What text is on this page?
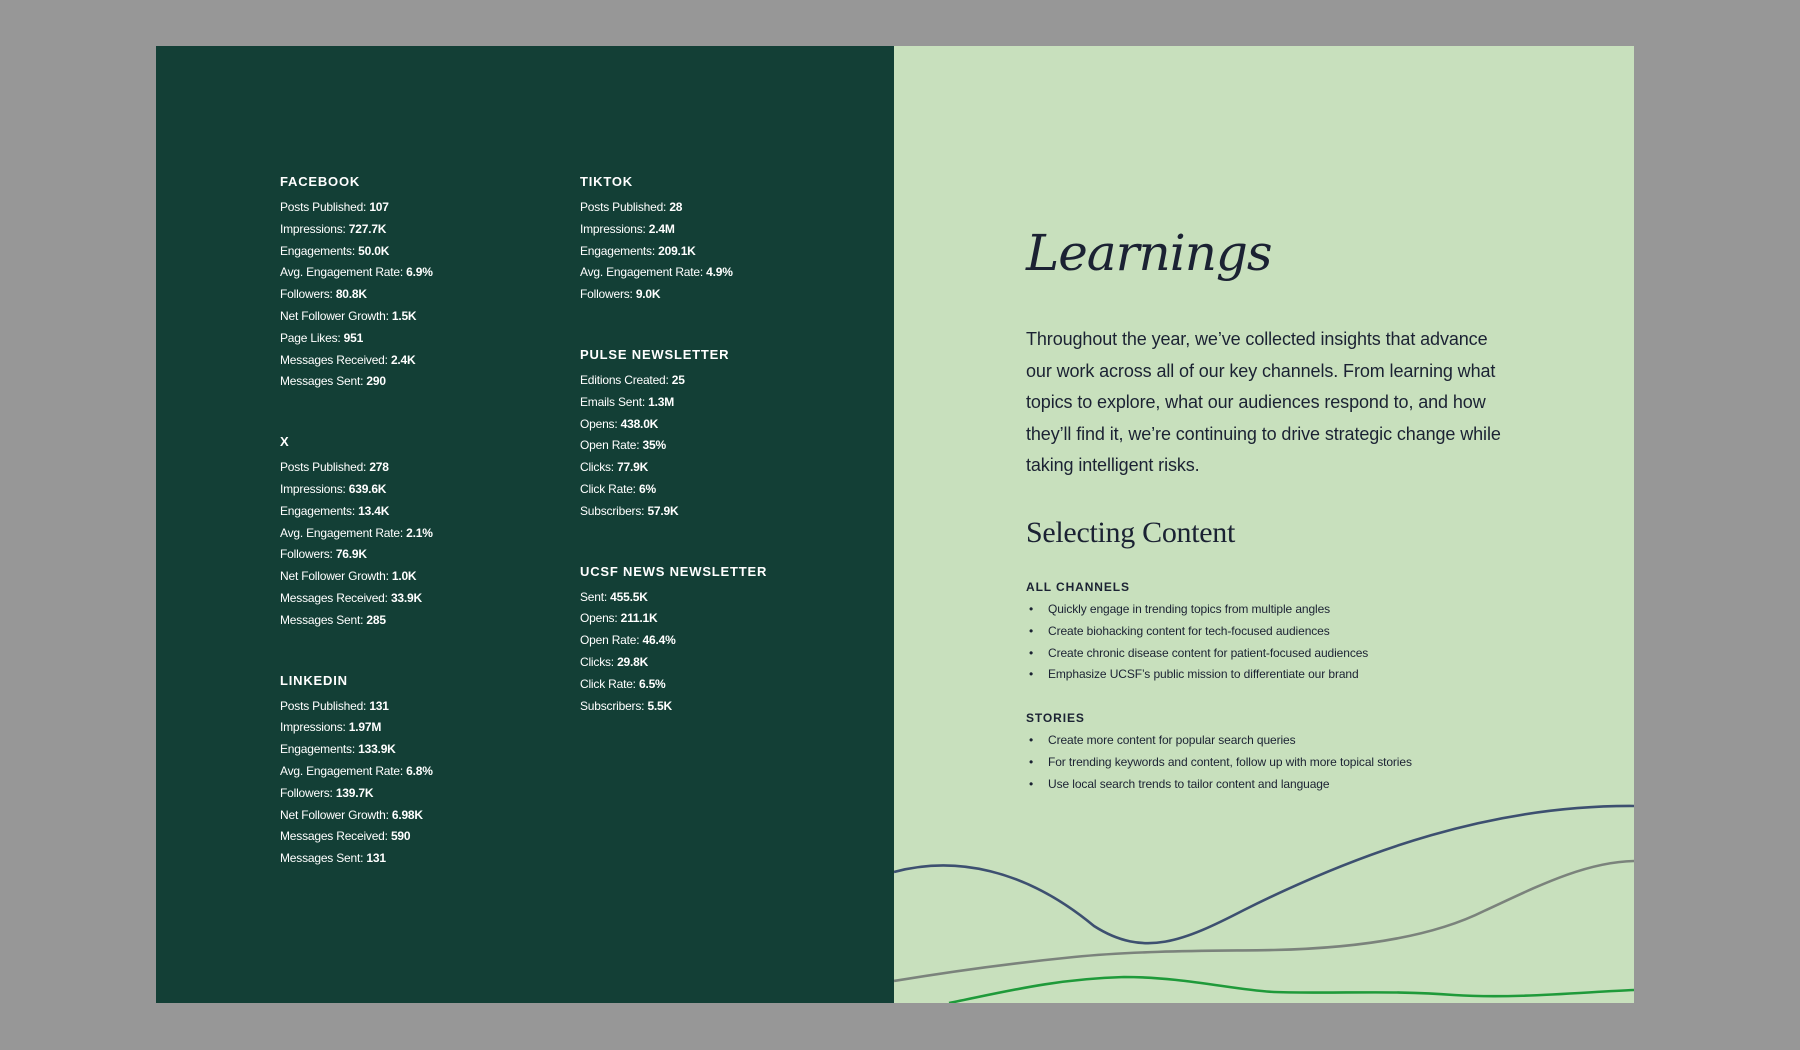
FACEBOOK
Posts Published: 107
Impressions: 727.7K
Engagements: 50.0K
Avg. Engagement Rate: 6.9%
Followers: 80.8K
Net Follower Growth: 1.5K
Page Likes: 951
Messages Received: 2.4K
Messages Sent: 290
X
Posts Published: 278
Impressions: 639.6K
Engagements: 13.4K
Avg. Engagement Rate: 2.1%
Followers: 76.9K
Net Follower Growth: 1.0K
Messages Received: 33.9K
Messages Sent: 285
LINKEDIN
Posts Published: 131
Impressions: 1.97M
Engagements: 133.9K
Avg. Engagement Rate: 6.8%
Followers: 139.7K
Net Follower Growth: 6.98K
Messages Received: 590
Messages Sent: 131
TIKTOK
Posts Published: 28
Impressions: 2.4M
Engagements: 209.1K
Avg. Engagement Rate: 4.9%
Followers: 9.0K
PULSE NEWSLETTER
Editions Created: 25
Emails Sent: 1.3M
Opens: 438.0K
Open Rate: 35%
Clicks: 77.9K
Click Rate: 6%
Subscribers: 57.9K
UCSF NEWS NEWSLETTER
Sent: 455.5K
Opens: 211.1K
Open Rate: 46.4%
Clicks: 29.8K
Click Rate: 6.5%
Subscribers: 5.5K
Learnings

Throughout the year, we’ve collected insights that advance our work across all of our key channels. From learning what topics to explore, what our audiences respond to, and how they’ll find it, we’re continuing to drive strategic change while taking intelligent risks.

Selecting Content
ALL CHANNELS
• Quickly engage in trending topics from multiple angles
• Create biohacking content for tech-focused audiences
• Create chronic disease content for patient-focused audiences
• Emphasize UCSF’s public mission to differentiate our brand
STORIES
• Create more content for popular search queries
• For trending keywords and content, follow up with more topical stories
• Use local search trends to tailor content and language
